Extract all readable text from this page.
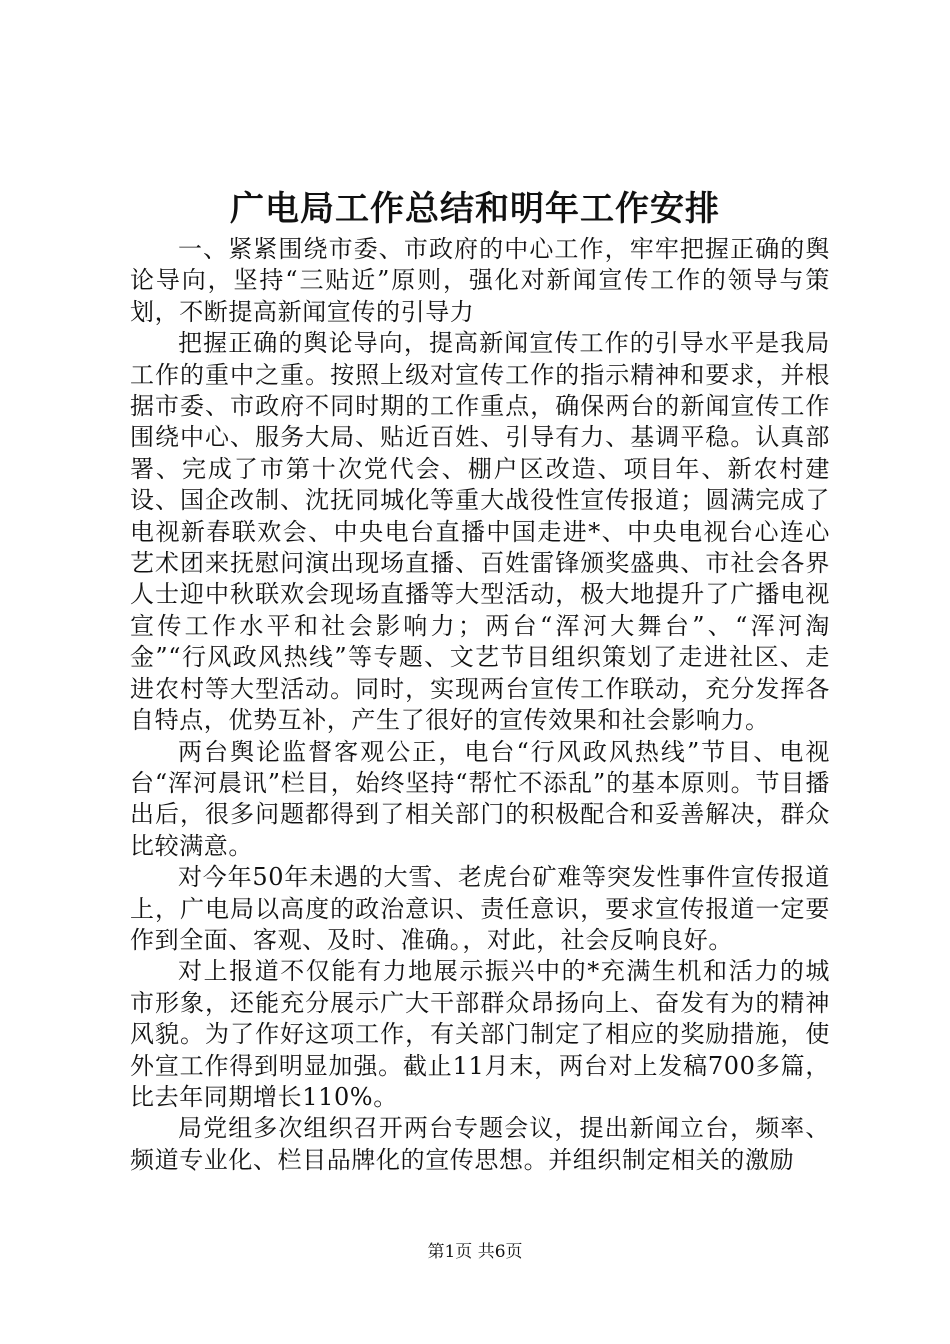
广电局工作总结和明年工作安排

一、紧紧围绕市委、市政府的中心工作，牢牢把握正确的舆论导向，坚持“三贴近”原则，强化对新闻宣传工作的领导与策划，不断提高新闻宣传的引导力

把握正确的舆论导向，提高新闻宣传工作的引导水平是我局工作的重中之重。按照上级对宣传工作的指示精神和要求，并根据市委、市政府不同时期的工作重点，确保两台的新闻宣传工作围绕中心、服务大局、贴近百姓、引导有力、基调平稳。认真部署、完成了市第十次党代会、棚户区改造、项目年、新农村建设、国企改制、沈抚同城化等重大战役性宣传报道；圆满完成了电视新春联欢会、中央电台直播中国走进*、中央电视台心连心艺术团来抚慰问演出现场直播、百姓雷锋颁奖盛典、市社会各界人士迎中秋联欢会现场直播等大型活动，极大地提升了广播电视宣传工作水平和社会影响力；两台“浑河大舞台”、“浑河淘金”“行风政风热线”等专题、文艺节目组织策划了走进社区、走进农村等大型活动。同时，实现两台宣传工作联动，充分发挥各自特点，优势互补，产生了很好的宣传效果和社会影响力。

两台舆论监督客观公正，电台“行风政风热线”节目、电视台“浑河晨讯”栏目，始终坚持“帮忙不添乱”的基本原则。节目播出后，很多问题都得到了相关部门的积极配合和妥善解决，群众比较满意。

对今年50年未遇的大雪、老虎台矿难等突发性事件宣传报道上，广电局以高度的政治意识、责任意识，要求宣传报道一定要作到全面、客观、及时、准确。，对此，社会反响良好。

对上报道不仅能有力地展示振兴中的*充满生机和活力的城市形象，还能充分展示广大干部群众昂扬向上、奋发有为的精神风貌。为了作好这项工作，有关部门制定了相应的奖励措施，使外宣工作得到明显加强。截止11月末，两台对上发稿700多篇，比去年同期增长110%。

局党组多次组织召开两台专题会议，提出新闻立台，频率、频道专业化、栏目品牌化的宣传思想。并组织制定相关的激励

第1页 共6页
